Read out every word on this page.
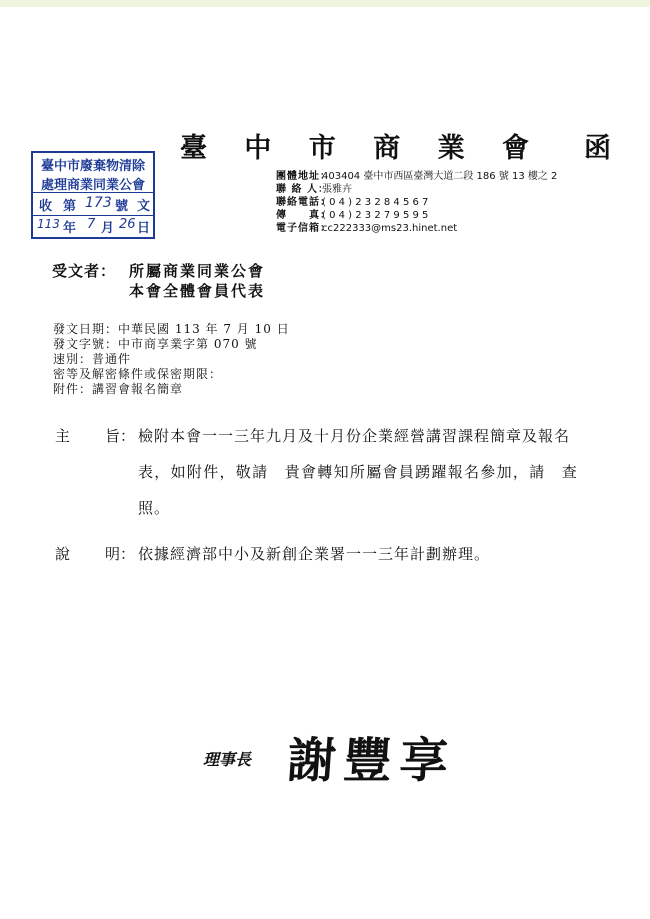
臺 中 市 商 業 會　函
臺中市廢棄物清除
處理商業同業公會
收 第 173 號 文
113 年 7 月 26 日
團體地址：403404 臺中市西區臺灣大道二段 186 號 13 樓之 2
聯 絡 人：張雅卉
聯絡電話：( 0 4 ) 2 3 2 8 4 5 6 7
傳　　真：( 0 4 ) 2 3 2 7 9 5 9 5
電子信箱：cc222333@ms23.hinet.net
受文者： 所屬商業同業公會
本會全體會員代表
發文日期：中華民國 113 年 7 月 10 日
發文字號：中市商享業字第 070 號
速別：普通件
密等及解密條件或保密期限：
附件：講習會報名簡章
主 旨： 檢附本會一一三年九月及十月份企業經營講習課程簡章及報名
表，如附件，敬請　貴會轉知所屬會員踴躍報名參加，請　查
照。
說 明： 依據經濟部中小及新創企業署一一三年計劃辦理。
理事長 謝豐享
